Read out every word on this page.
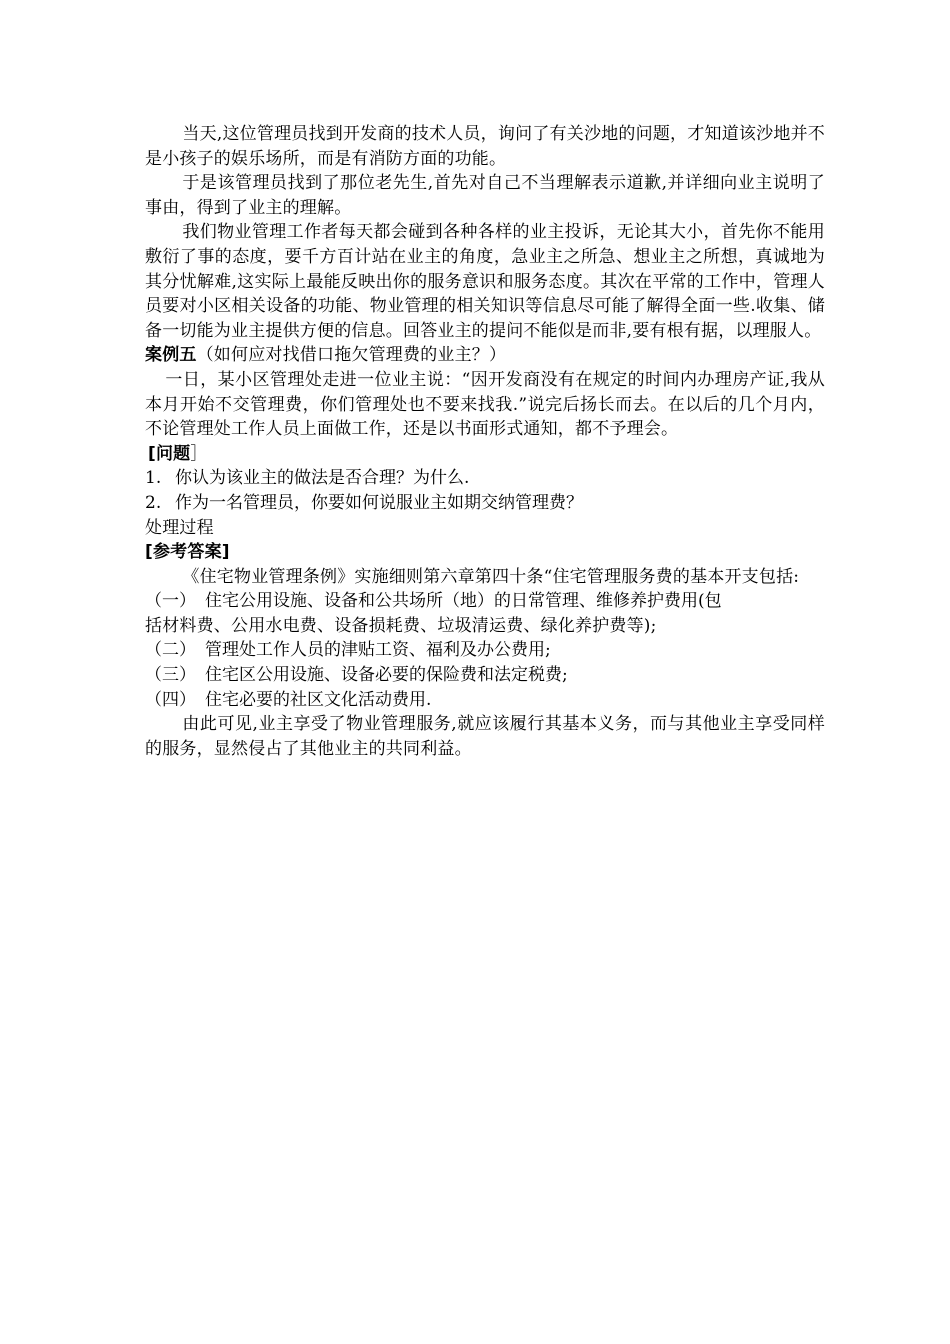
当天,这位管理员找到开发商的技术人员，询问了有关沙地的问题，才知道该沙地并不是小孩子的娱乐场所，而是有消防方面的功能。

于是该管理员找到了那位老先生,首先对自己不当理解表示道歉,并详细向业主说明了事由，得到了业主的理解。

我们物业管理工作者每天都会碰到各种各样的业主投诉，无论其大小，首先你不能用敷衍了事的态度，要千方百计站在业主的角度，急业主之所急、想业主之所想，真诚地为其分忧解难,这实际上最能反映出你的服务意识和服务态度。其次在平常的工作中，管理人员要对小区相关设备的功能、物业管理的相关知识等信息尽可能了解得全面一些.收集、储备一切能为业主提供方便的信息。回答业主的提问不能似是而非,要有根有据，以理服人。

案例五（如何应对找借口拖欠管理费的业主？）

一日，某小区管理处走进一位业主说：“因开发商没有在规定的时间内办理房产证,我从本月开始不交管理费，你们管理处也不要来找我.”说完后扬长而去。在以后的几个月内，不论管理处工作人员上面做工作，还是以书面形式通知，都不予理会。

[问题］

1. 你认为该业主的做法是否合理？为什么.
2. 作为一名管理员，你要如何说服业主如期交纳管理费？

处理过程

[参考答案]

《住宅物业管理条例》实施细则第六章第四十条“住宅管理服务费的基本开支包括:

（一） 住宅公用设施、设备和公共场所（地）的日常管理、维修养护费用(包

括材料费、公用水电费、设备损耗费、垃圾清运费、绿化养护费等);

（二） 管理处工作人员的津贴工资、福利及办公费用;
（三） 住宅区公用设施、设备必要的保险费和法定税费;
（四） 住宅必要的社区文化活动费用.

由此可见,业主享受了物业管理服务,就应该履行其基本义务，而与其他业主享受同样的服务，显然侵占了其他业主的共同利益。
